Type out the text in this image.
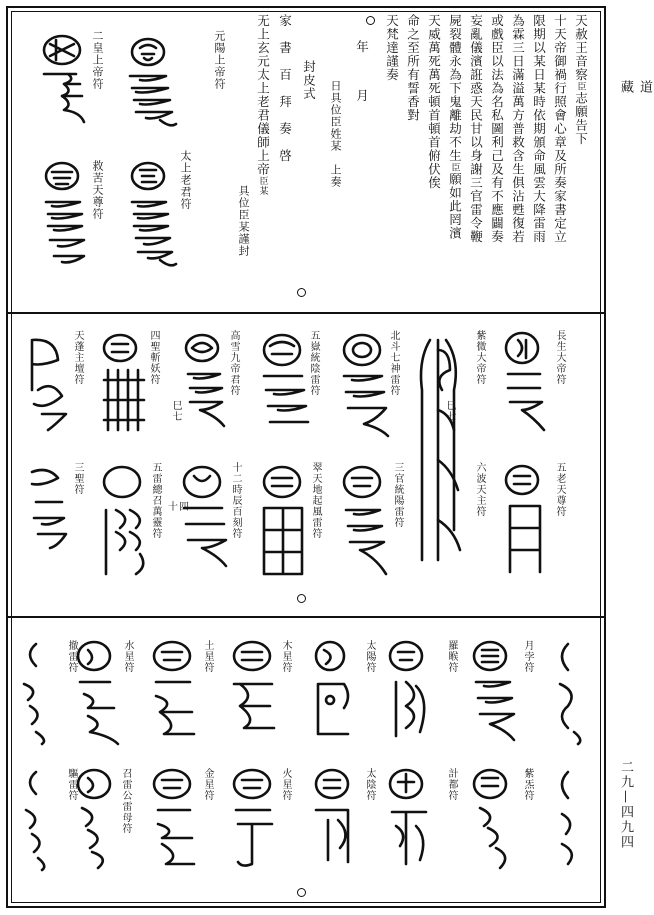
道　藏
二九—四九四
天赦王音察臣志願告下
十天帝御禍行照會心章及所奏家書定立
限期以某日某時依期頒命風雲大降雷雨
為霖三日滿溢萬方普救含生俱沾甦復若
或戲臣以法為名私圖利己及有不應闢奏
妄亂儀濱誑惑天民甘以身謝三官雷令鞭
屍裂體永為下鬼離劫不生臣願如此罔濱
天威萬死萬死頓首頓首俯伏俟
命之至所有誓香對
天梵達謹奏
年　月
日具位臣姓某　上奏
封皮式
家　書　百　拜　奏　啓
无上玄元太上老君儀師上帝臣某
具位臣某謹封
元陽上帝符
太上老君符
二皇上帝符
救苦天尊符
長生大帝符
紫微大帝符
北斗七神雷符
五嶽統陰雷符
高雪九帝君符
四聖斬妖符
天蓬主壇符
五老天尊符
六波天主符
三官統陽雷符
翠天地起風雷符
十二時辰百刻符
五雷總召萬靈符
三聖符
巳七
巳七
十四
月孛符
羅睺符
太陽符
木星符
土星符
水星符
撤雷符
紫炁符
計都符
太陰符
火星符
金星符
召雷公雷母符
驅雷符
